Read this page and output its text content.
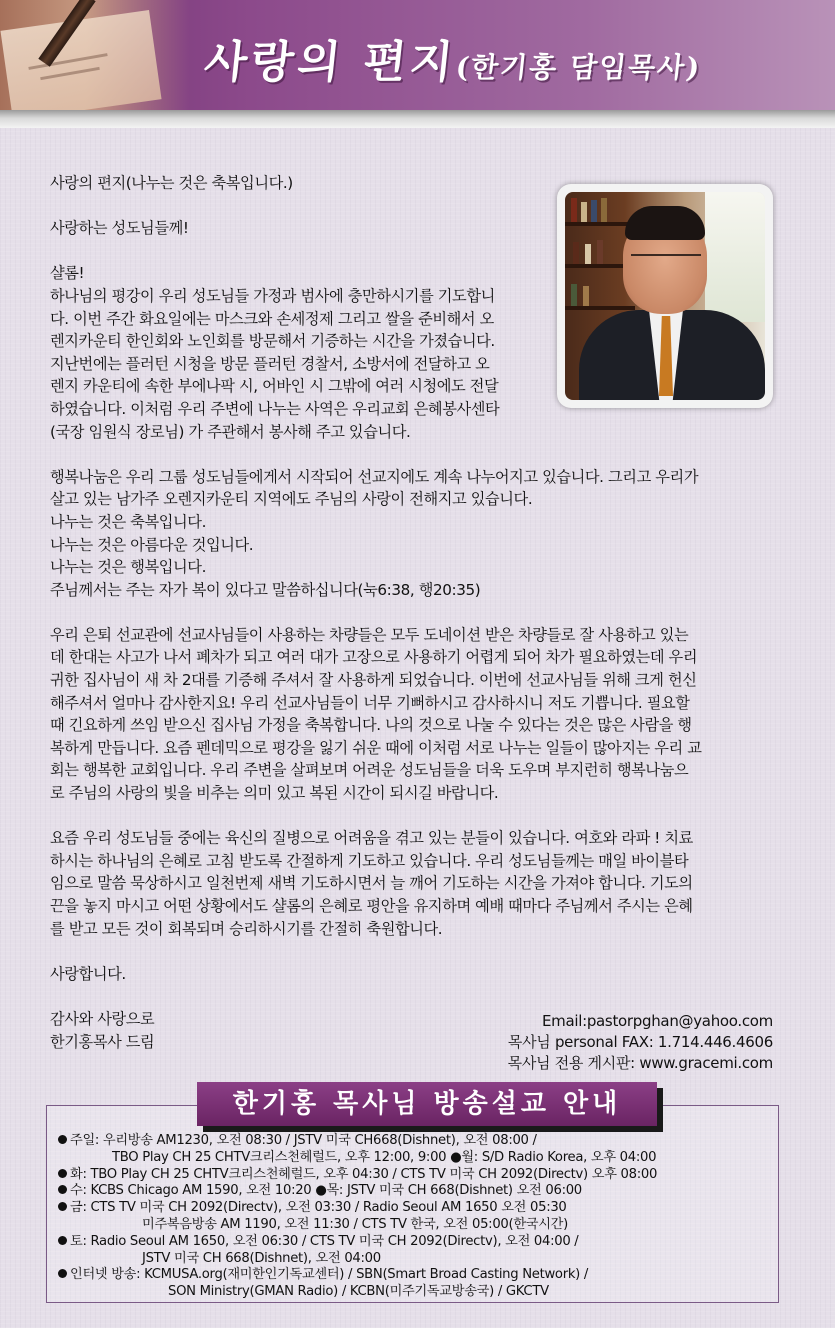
사랑의 편지(한기홍 담임목사)

사랑의 편지(나누는 것은 축복입니다.)

사랑하는 성도님들께!

샬롬!

하나님의 평강이 우리 성도님들 가정과 범사에 충만하시기를 기도합니

다. 이번 주간 화요일에는 마스크와 손세정제 그리고 쌀을 준비해서 오

렌지카운티 한인회와 노인회를 방문해서 기증하는 시간을 가졌습니다.

지난번에는 플러턴 시청을 방문 플러턴 경찰서, 소방서에 전달하고 오

렌지 카운티에 속한 부에나팍 시, 어바인 시 그밖에 여러 시청에도 전달

하였습니다. 이처럼 우리 주변에 나누는 사역은 우리교회 은혜봉사센타

(국장 임원식 장로님) 가 주관해서 봉사해 주고 있습니다.

행복나눔은 우리 그룹 성도님들에게서 시작되어 선교지에도 계속 나누어지고 있습니다. 그리고 우리가

살고 있는 남가주 오렌지카운티 지역에도 주님의 사랑이 전해지고 있습니다.

나누는 것은 축복입니다.

나누는 것은 아름다운 것입니다.

나누는 것은 행복입니다.

주님께서는 주는 자가 복이 있다고 말씀하십니다(눅6:38, 행20:35)

우리 은퇴 선교관에 선교사님들이 사용하는 차량들은 모두 도네이션 받은 차량들로 잘 사용하고 있는

데 한대는 사고가 나서 폐차가 되고 여러 대가 고장으로 사용하기 어렵게 되어 차가 필요하였는데 우리

귀한 집사님이 새 차 2대를 기증해 주셔서 잘 사용하게 되었습니다. 이번에 선교사님들 위해 크게 헌신

해주셔서 얼마나 감사한지요! 우리 선교사님들이 너무 기뻐하시고 감사하시니 저도 기쁩니다. 필요할

때 긴요하게 쓰임 받으신 집사님 가정을 축복합니다. 나의 것으로 나눌 수 있다는 것은 많은 사람을 행

복하게 만듭니다. 요즘 펜데믹으로 평강을 잃기 쉬운 때에 이처럼 서로 나누는 일들이 많아지는 우리 교

회는 행복한 교회입니다. 우리 주변을 살펴보며 어려운 성도님들을 더욱 도우며 부지런히 행복나눔으

로 주님의 사랑의 빛을 비추는 의미 있고 복된 시간이 되시길 바랍니다.

요즘 우리 성도님들 중에는 육신의 질병으로 어려움을 겪고 있는 분들이 있습니다. 여호와 라파 ! 치료

하시는 하나님의 은혜로 고침 받도록 간절하게 기도하고 있습니다. 우리 성도님들께는 매일 바이블타

임으로 말씀 묵상하시고 일천번제 새벽 기도하시면서 늘 깨어 기도하는 시간을 가져야 합니다. 기도의

끈을 놓지 마시고 어떤 상황에서도 샬롬의 은혜로 평안을 유지하며 예배 때마다 주님께서 주시는 은혜

를 받고 모든 것이 회복되며 승리하시기를 간절히 축원합니다.

사랑합니다.

감사와 사랑으로

한기홍목사 드림

Email:pastorpghan@yahoo.com
목사님 personal FAX: 1.714.446.4606
목사님 전용 게시판: www.gracemi.com
한기홍 목사님 방송설교 안내
주일: 우리방송 AM1230, 오전 08:30 / JSTV 미국 CH668(Dishnet), 오전 08:00 /
TBO Play CH 25 CHTV크리스천헤럴드, 오후 12:00, 9:00 ●월: S/D Radio Korea, 오후 04:00
화: TBO Play CH 25 CHTV크리스천헤럴드, 오후 04:30 / CTS TV 미국 CH 2092(Directv) 오후 08:00
수: KCBS Chicago AM 1590, 오전 10:20 ●목: JSTV 미국 CH 668(Dishnet) 오전 06:00
금: CTS TV 미국 CH 2092(Directv), 오전 03:30 / Radio Seoul AM 1650 오전 05:30
미주복음방송 AM 1190, 오전 11:30 / CTS TV 한국, 오전 05:00(한국시간)
토: Radio Seoul AM 1650, 오전 06:30 / CTS TV 미국 CH 2092(Directv), 오전 04:00 /
JSTV 미국 CH 668(Dishnet), 오전 04:00
인터넷 방송: KCMUSA.org(재미한인기독교센터) / SBN(Smart Broad Casting Network) /
SON Ministry(GMAN Radio) / KCBN(미주기독교방송국) / GKCTV
